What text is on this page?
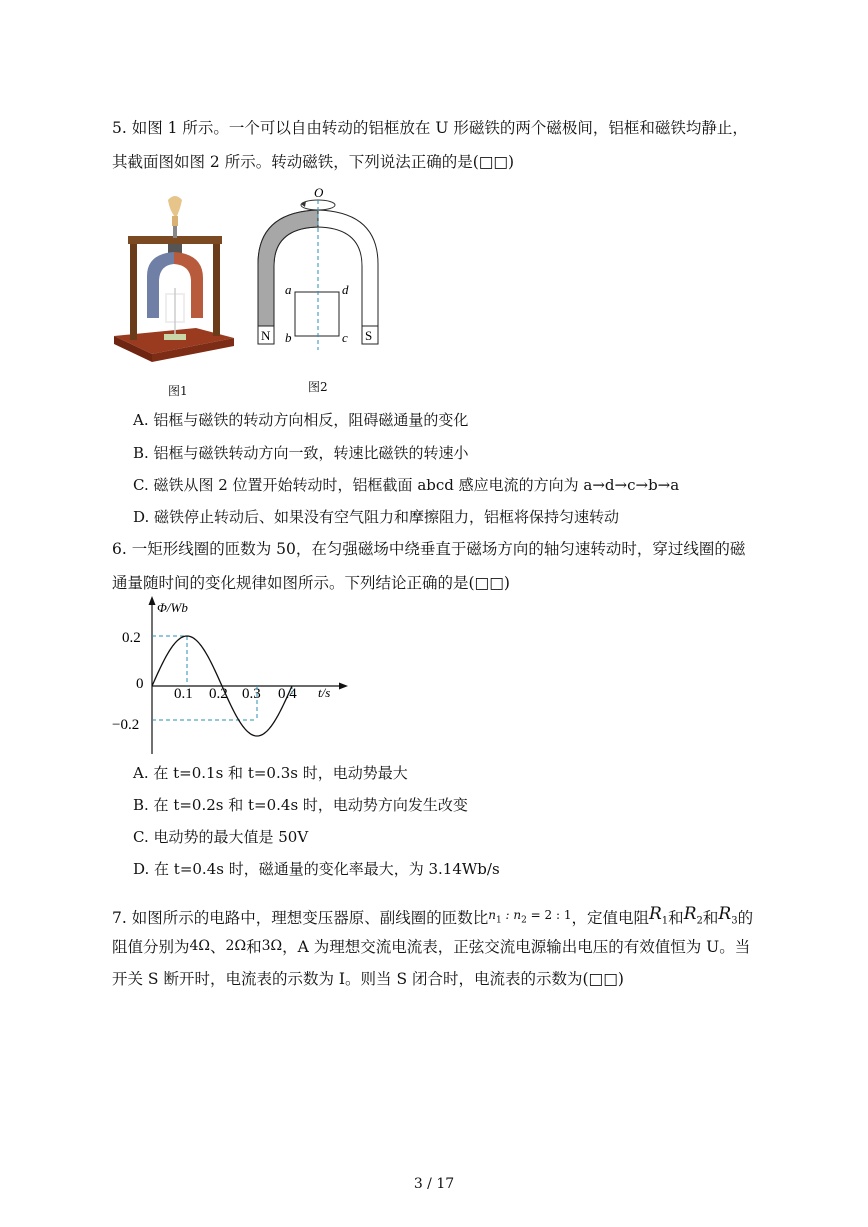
5. 如图 1 所示。一个可以自由转动的铝框放在 U 形磁铁的两个磁极间，铝框和磁铁均静止，
其截面图如图 2 所示。转动磁铁，下列说法正确的是(□□)
图1
O
N	S
a	d
b	c
图2
A. 铝框与磁铁的转动方向相反，阻碍磁通量的变化
B. 铝框与磁铁转动方向一致，转速比磁铁的转速小
C. 磁铁从图 2 位置开始转动时，铝框截面 abcd 感应电流的方向为 a→d→c→b→a
D. 磁铁停止转动后、如果没有空气阻力和摩擦阻力，铝框将保持匀速转动
6. 一矩形线圈的匝数为 50，在匀强磁场中绕垂直于磁场方向的轴匀速转动时，穿过线圈的磁
通量随时间的变化规律如图所示。下列结论正确的是(□□)
Φ/Wb
t/s
0.2
0
−0.2
0.1 0.2 0.3 0.4
A. 在 t=0.1s 和 t=0.3s 时，电动势最大
B. 在 t=0.2s 和 t=0.4s 时，电动势方向发生改变
C. 电动势的最大值是 50V
D. 在 t=0.4s 时，磁通量的变化率最大，为 3.14Wb/s
7. 如图所示的电路中，理想变压器原、副线圈的匝数比$^{n_1 : n_2 = 2 : 1}$，定值电阻$R_1$和$R_2$和$R_3$的
阻值分别为4Ω、2Ω和3Ω，A 为理想交流电流表，正弦交流电源输出电压的有效值恒为 U。当
开关 S 断开时，电流表的示数为 I。则当 S 闭合时，电流表的示数为(□□)
3 / 17
